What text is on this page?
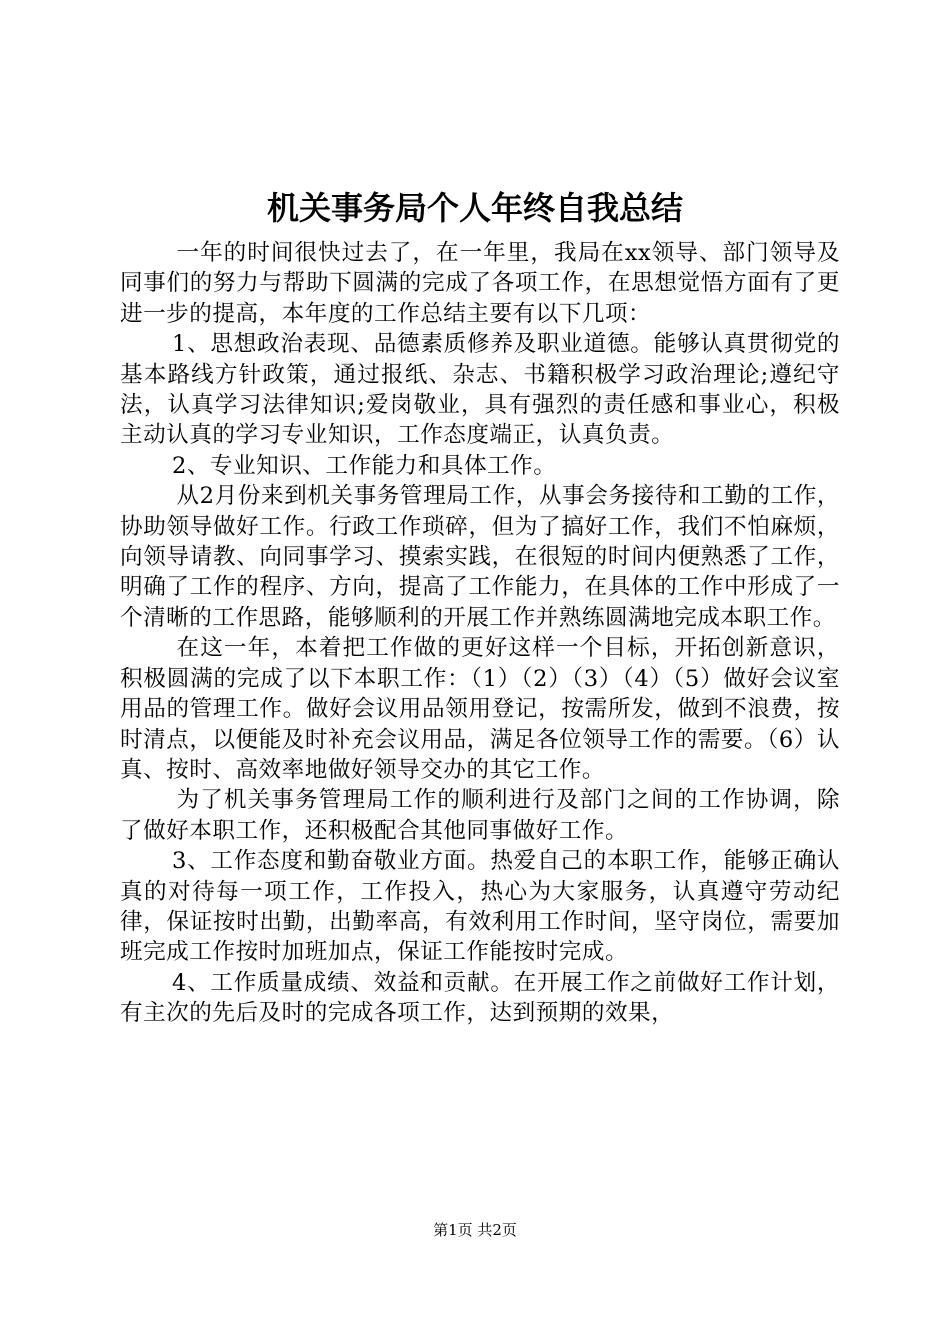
机关事务局个人年终自我总结

一年的时间很快过去了，在一年里，我局在xx领导、部门领导及同事们的努力与帮助下圆满的完成了各项工作，在思想觉悟方面有了更进一步的提高，本年度的工作总结主要有以下几项：

1、思想政治表现、品德素质修养及职业道德。能够认真贯彻党的基本路线方针政策，通过报纸、杂志、书籍积极学习政治理论;遵纪守法，认真学习法律知识;爱岗敬业，具有强烈的责任感和事业心，积极主动认真的学习专业知识，工作态度端正，认真负责。

2、专业知识、工作能力和具体工作。

从2月份来到机关事务管理局工作，从事会务接待和工勤的工作，协助领导做好工作。行政工作琐碎，但为了搞好工作，我们不怕麻烦，向领导请教、向同事学习、摸索实践，在很短的时间内便熟悉了工作，明确了工作的程序、方向，提高了工作能力，在具体的工作中形成了一个清晰的工作思路，能够顺利的开展工作并熟练圆满地完成本职工作。

在这一年，本着把工作做的更好这样一个目标，开拓创新意识，积极圆满的完成了以下本职工作：（1）（2）（3）（4）（5）做好会议室用品的管理工作。做好会议用品领用登记，按需所发，做到不浪费，按时清点，以便能及时补充会议用品，满足各位领导工作的需要。（6）认真、按时、高效率地做好领导交办的其它工作。

为了机关事务管理局工作的顺利进行及部门之间的工作协调，除了做好本职工作，还积极配合其他同事做好工作。

3、工作态度和勤奋敬业方面。热爱自己的本职工作，能够正确认真的对待每一项工作，工作投入，热心为大家服务，认真遵守劳动纪律，保证按时出勤，出勤率高，有效利用工作时间，坚守岗位，需要加班完成工作按时加班加点，保证工作能按时完成。

4、工作质量成绩、效益和贡献。在开展工作之前做好工作计划，有主次的先后及时的完成各项工作，达到预期的效果，

第1页 共2页
